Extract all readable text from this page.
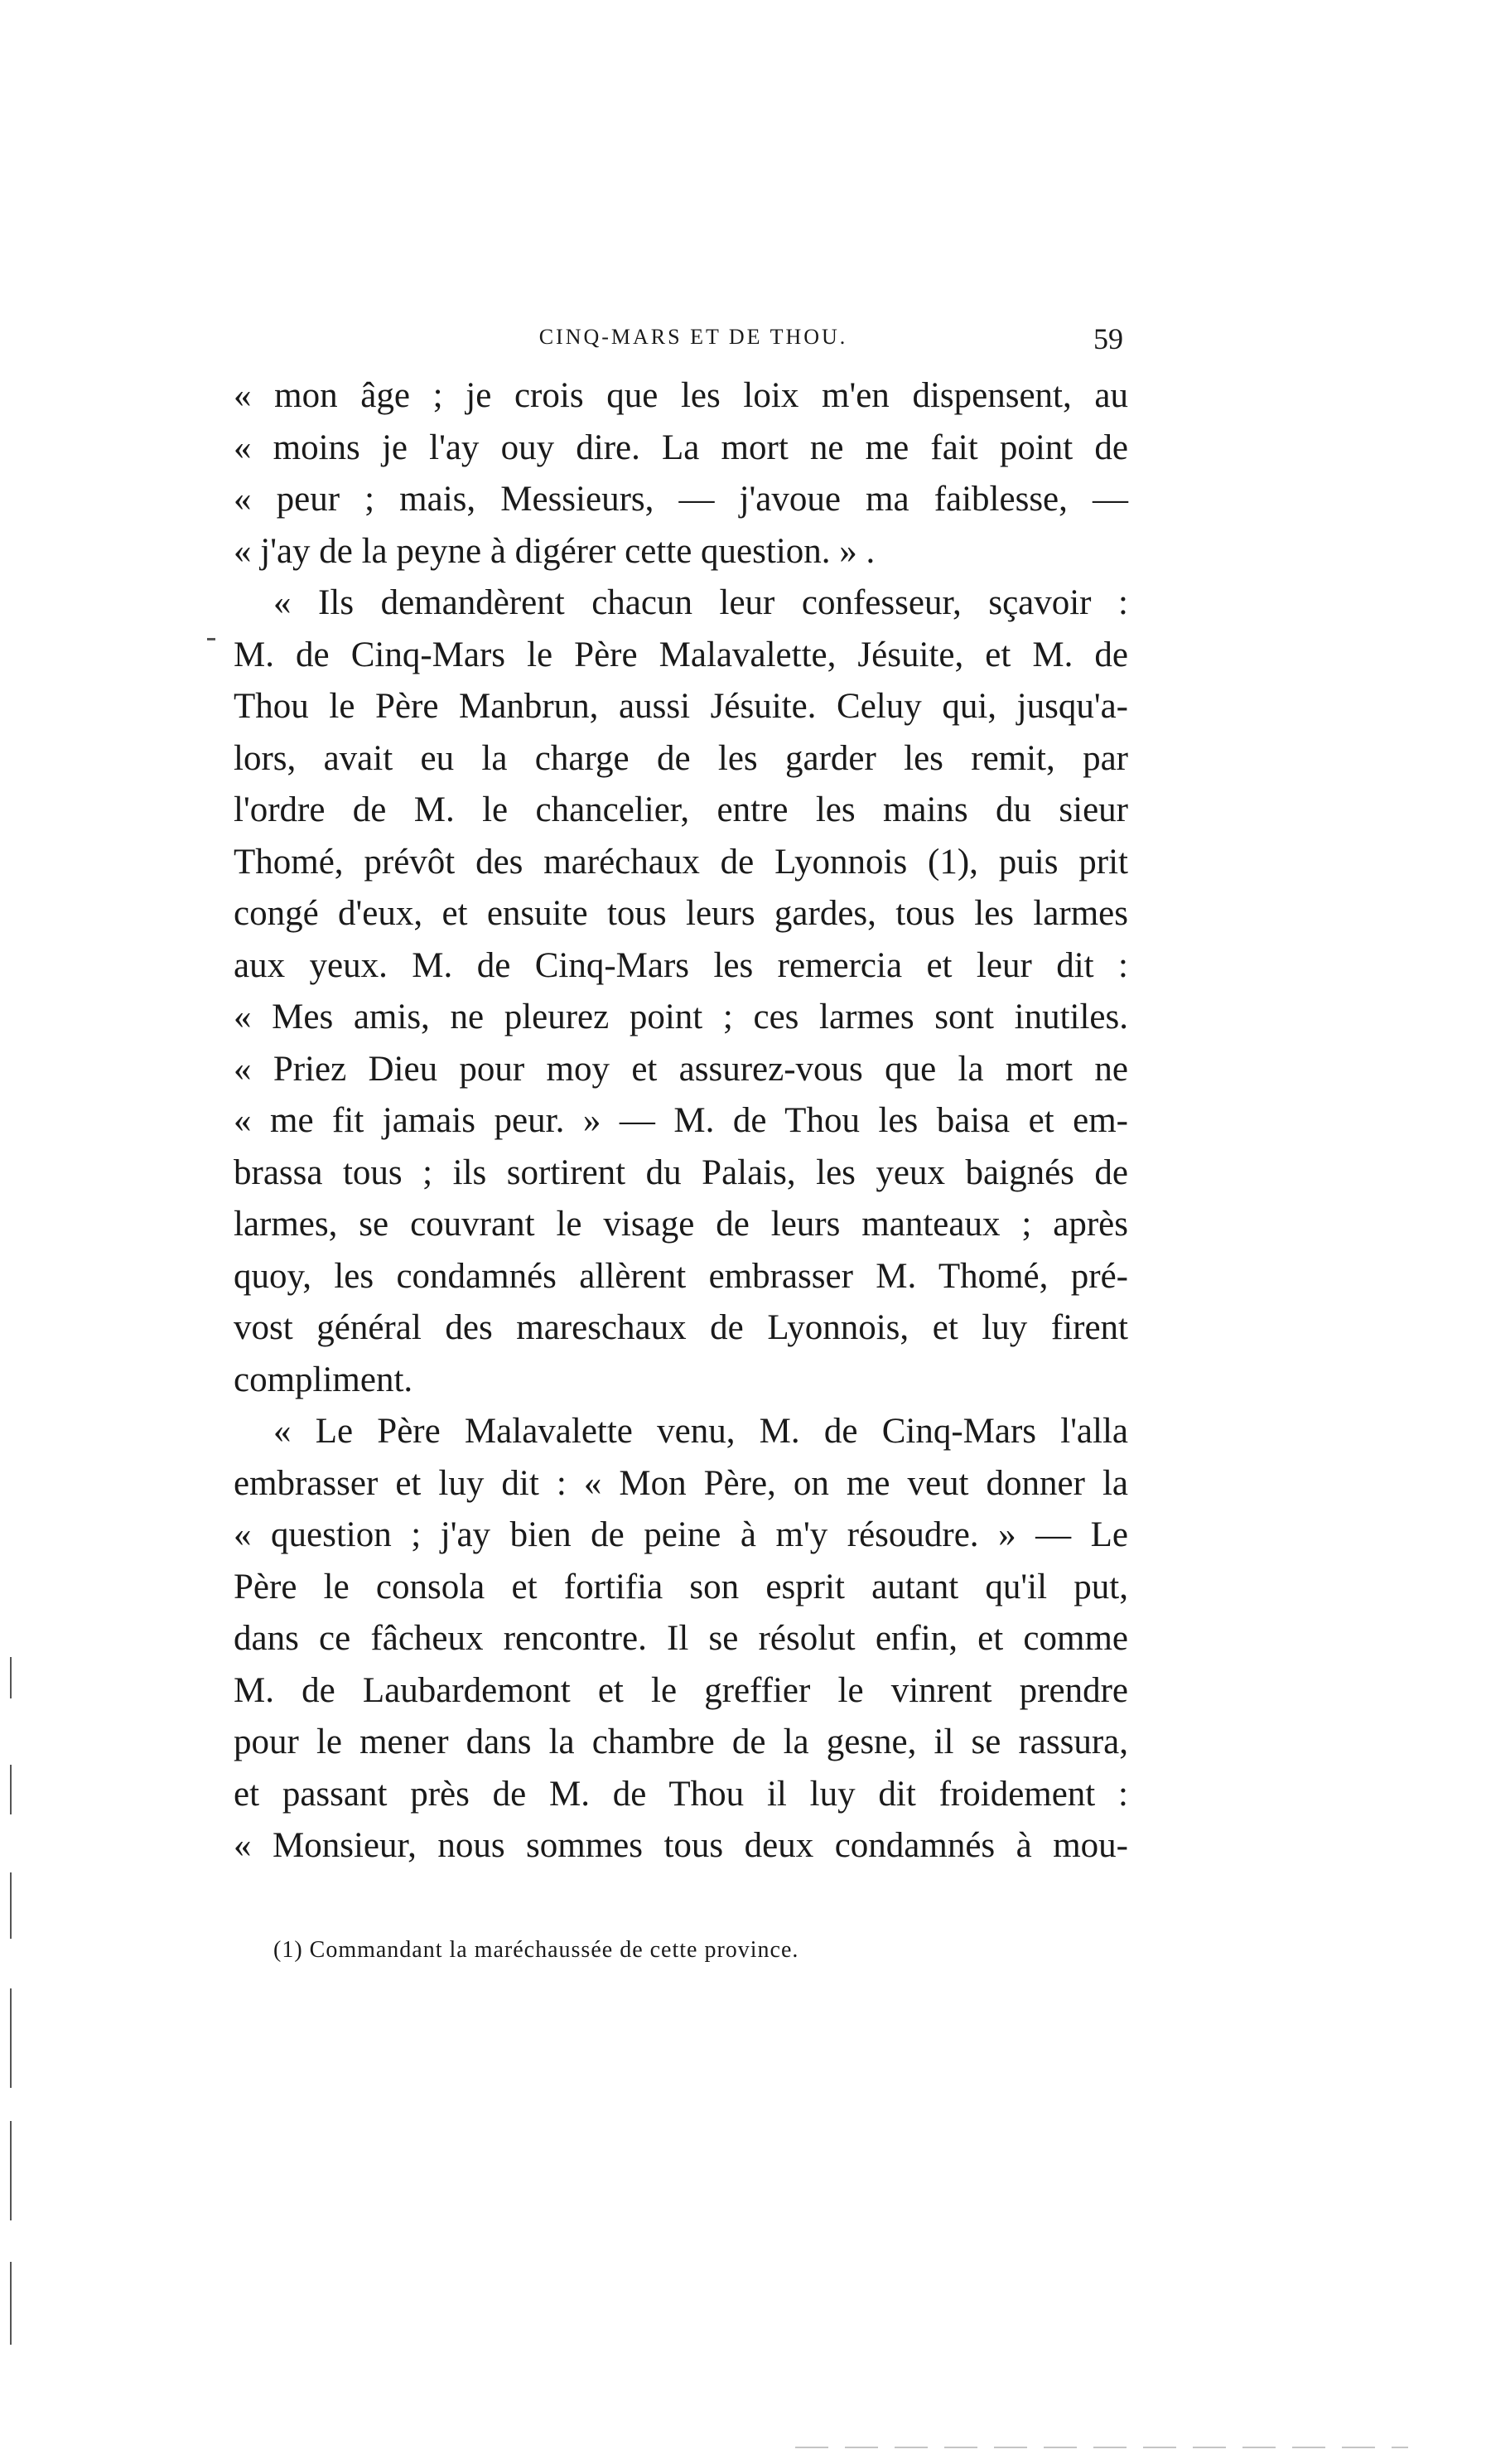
CINQ-MARS ET DE THOU.	59
« mon âge ; je crois que les loix m'en dispensent, au
« moins je l'ay ouy dire. La mort ne me fait point de
« peur ; mais, Messieurs, — j'avoue ma faiblesse, —
« j'ay de la peyne à digérer cette question. » .
« Ils demandèrent chacun leur confesseur, sçavoir :
M. de Cinq-Mars le Père Malavalette, Jésuite, et M. de
Thou le Père Manbrun, aussi Jésuite. Celuy qui, jusqu'a-
lors, avait eu la charge de les garder les remit, par
l'ordre de M. le chancelier, entre les mains du sieur
Thomé, prévôt des maréchaux de Lyonnois (1), puis prit
congé d'eux, et ensuite tous leurs gardes, tous les larmes
aux yeux. M. de Cinq-Mars les remercia et leur dit :
« Mes amis, ne pleurez point ; ces larmes sont inutiles.
« Priez Dieu pour moy et assurez-vous que la mort ne
« me fit jamais peur. » — M. de Thou les baisa et em-
brassa tous ; ils sortirent du Palais, les yeux baignés de
larmes, se couvrant le visage de leurs manteaux ; après
quoy, les condamnés allèrent embrasser M. Thomé, pré-
vost général des mareschaux de Lyonnois, et luy firent
compliment.
« Le Père Malavalette venu, M. de Cinq-Mars l'alla
embrasser et luy dit : « Mon Père, on me veut donner la
« question ; j'ay bien de peine à m'y résoudre. » — Le
Père le consola et fortifia son esprit autant qu'il put,
dans ce fâcheux rencontre. Il se résolut enfin, et comme
M. de Laubardemont et le greffier le vinrent prendre
pour le mener dans la chambre de la gesne, il se rassura,
et passant près de M. de Thou il luy dit froidement :
« Monsieur, nous sommes tous deux condamnés à mou-
(1) Commandant la maréchaussée de cette province.
